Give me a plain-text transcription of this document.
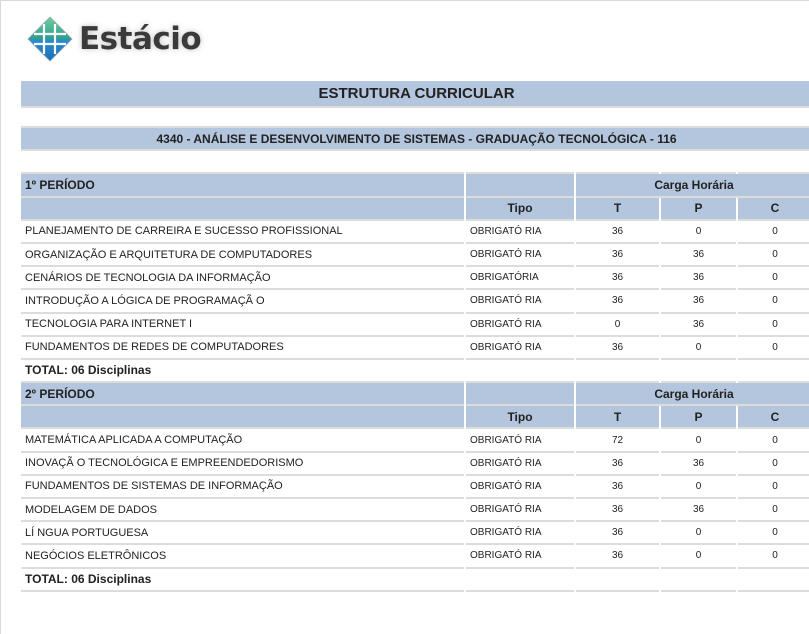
Estácio
ESTRUTURA CURRICULAR				

4340 - ANÁLISE E DESENVOLVIMENTO DE SISTEMAS - GRADUAÇÃO TECNOLÓGICA - 116				

1º PERÍODO		Carga Horária		
	Tipo	T	P	C
PLANEJAMENTO DE CARREIRA E SUCESSO PROFISSIONAL	OBRIGATÓ RIA	36	0	0
ORGANIZAÇÃO E ARQUITETURA DE COMPUTADORES	OBRIGATÓ RIA	36	36	0
CENÁRIOS DE TECNOLOGIA DA INFORMAÇÃO	OBRIGATÓRIA	36	36	0
INTRODUÇÃO A LÓGICA DE PROGRAMAÇÃ O	OBRIGATÓ RIA	36	36	0
TECNOLOGIA PARA INTERNET I	OBRIGATÓ RIA	0	36	0
FUNDAMENTOS DE REDES DE COMPUTADORES	OBRIGATÓ RIA	36	0	0
TOTAL: 06 Disciplinas				
2º PERÍODO		Carga Horária		
	Tipo	T	P	C
MATEMÁTICA APLICADA A COMPUTAÇÃO	OBRIGATÓ RIA	72	0	0
INOVAÇÃ O TECNOLÓGICA E EMPREENDEDORISMO	OBRIGATÓ RIA	36	36	0
FUNDAMENTOS DE SISTEMAS DE INFORMAÇÃO	OBRIGATÓ RIA	36	0	0
MODELAGEM DE DADOS	OBRIGATÓ RIA	36	36	0
LÍ NGUA PORTUGUESA	OBRIGATÓ RIA	36	0	0
NEGÓCIOS ELETRÔNICOS	OBRIGATÓ RIA	36	0	0
TOTAL: 06 Disciplinas				
